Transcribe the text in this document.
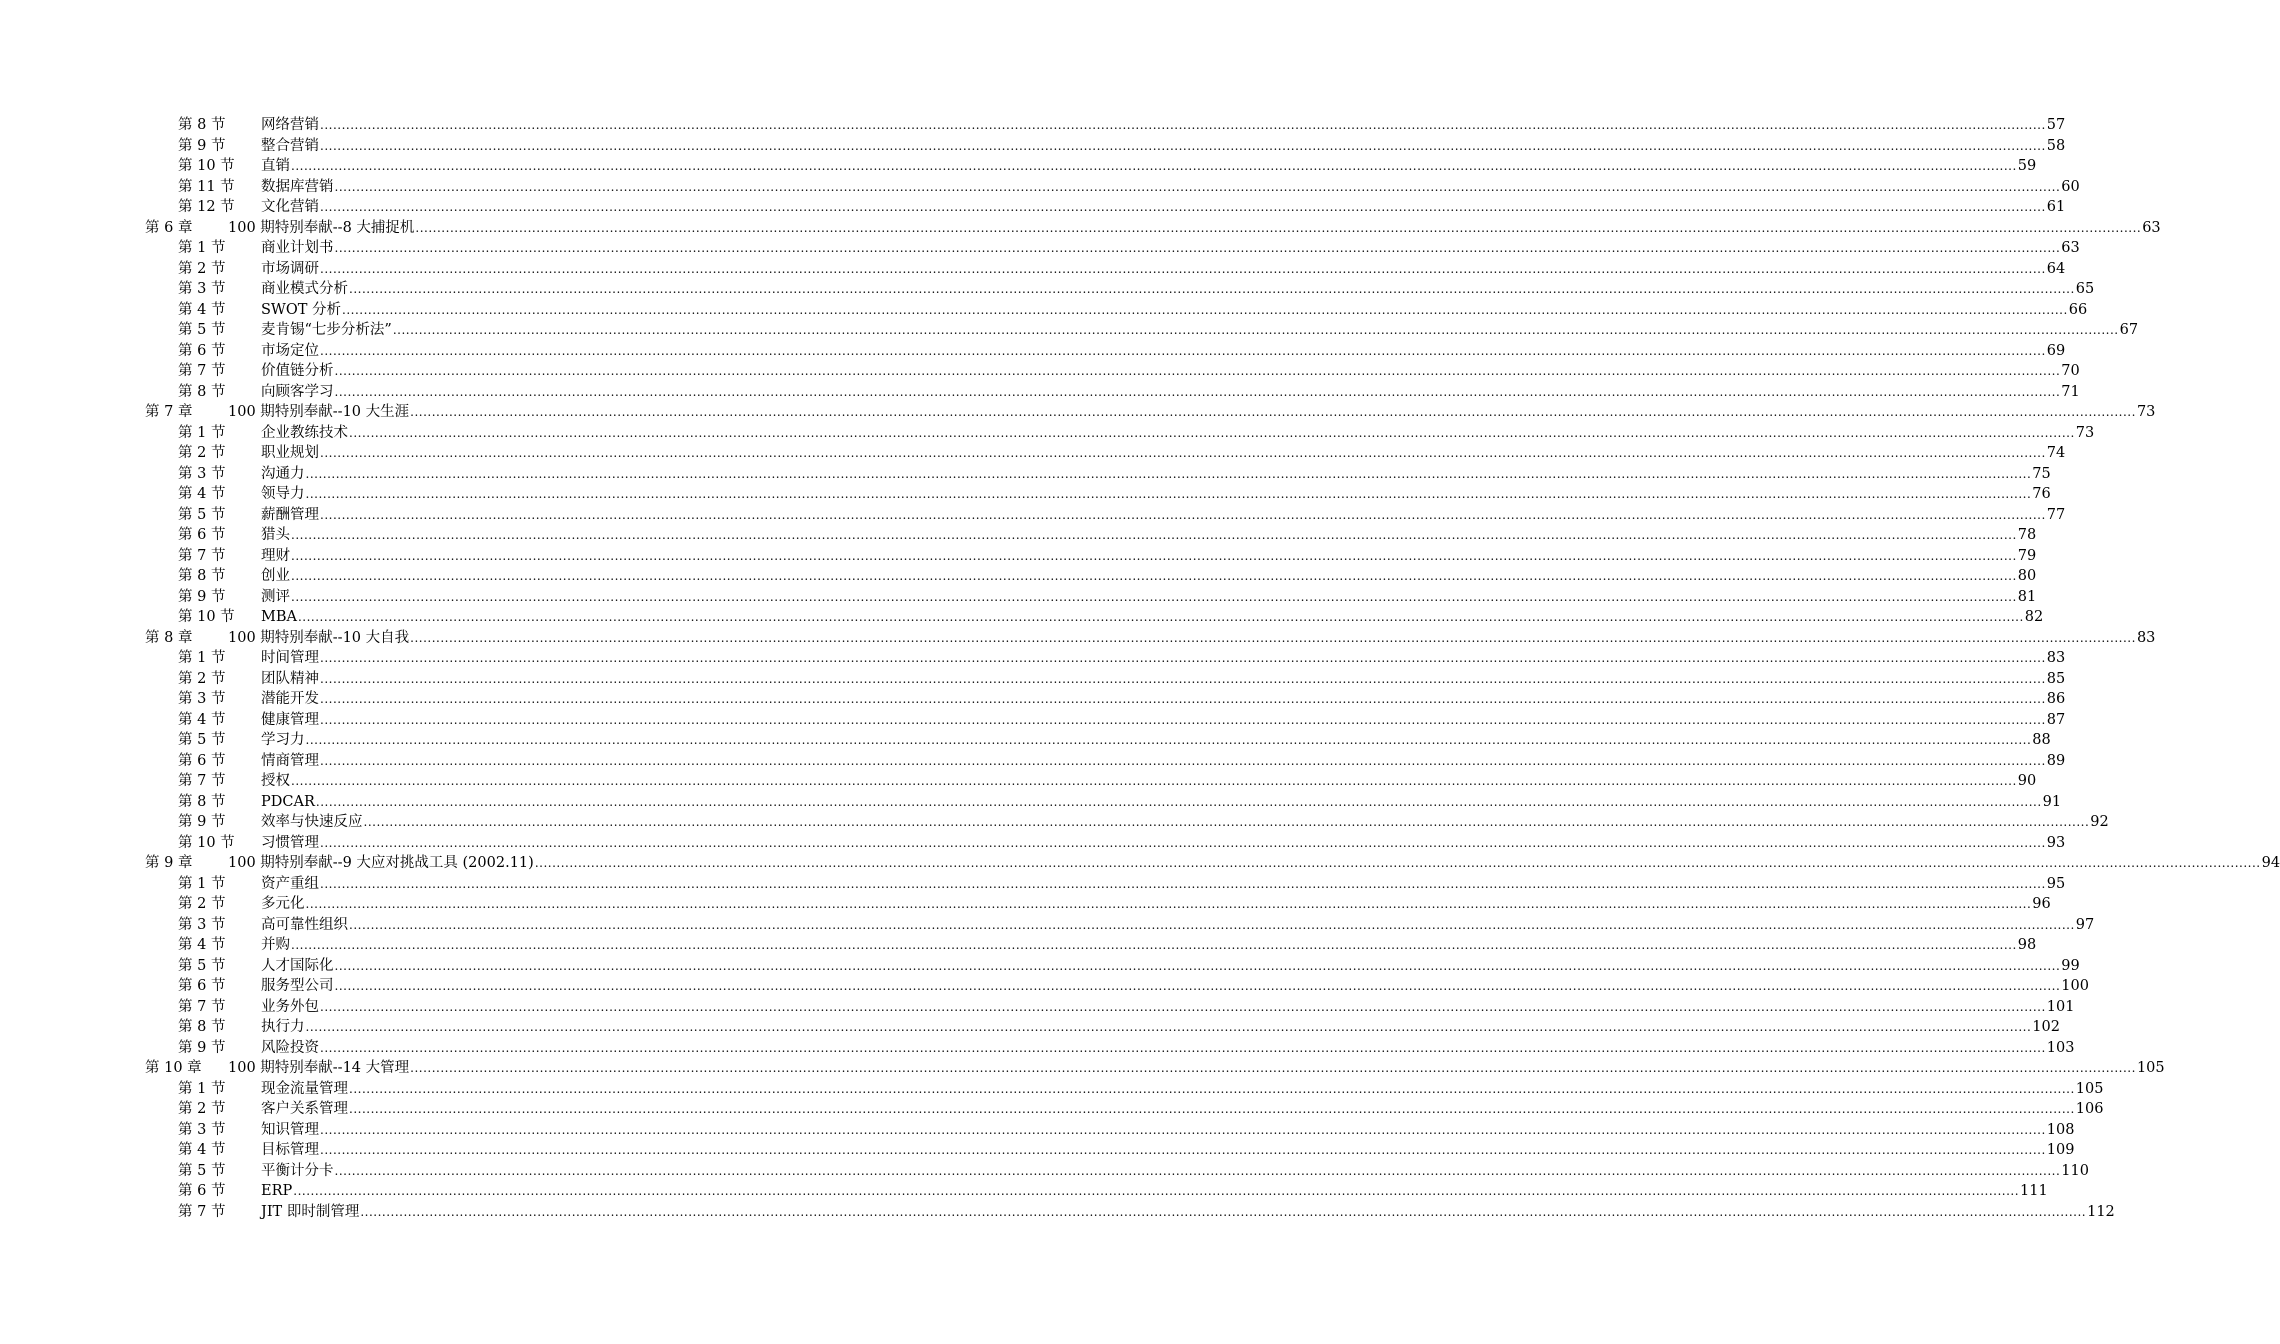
第 8 节 网络营销 ................................................................................................................................................................................................................................................................................................................................................................................................................ 57
第 9 节 整合营销 ................................................................................................................................................................................................................................................................................................................................................................................................................ 58
第 10 节 直销 ................................................................................................................................................................................................................................................................................................................................................................................................................ 59
第 11 节 数据库营销 ................................................................................................................................................................................................................................................................................................................................................................................................................ 60
第 12 节 文化营销 ................................................................................................................................................................................................................................................................................................................................................................................................................ 61
第 6 章 100 期特别奉献--8 大捕捉机 ................................................................................................................................................................................................................................................................................................................................................................................................................ 63
第 1 节 商业计划书 ................................................................................................................................................................................................................................................................................................................................................................................................................ 63
第 2 节 市场调研 ................................................................................................................................................................................................................................................................................................................................................................................................................ 64
第 3 节 商业模式分析 ................................................................................................................................................................................................................................................................................................................................................................................................................ 65
第 4 节 SWOT 分析 ................................................................................................................................................................................................................................................................................................................................................................................................................ 66
第 5 节 麦肯锡“七步分析法” ................................................................................................................................................................................................................................................................................................................................................................................................................ 67
第 6 节 市场定位 ................................................................................................................................................................................................................................................................................................................................................................................................................ 69
第 7 节 价值链分析 ................................................................................................................................................................................................................................................................................................................................................................................................................ 70
第 8 节 向顾客学习 ................................................................................................................................................................................................................................................................................................................................................................................................................ 71
第 7 章 100 期特别奉献--10 大生涯 ................................................................................................................................................................................................................................................................................................................................................................................................................ 73
第 1 节 企业教练技术 ................................................................................................................................................................................................................................................................................................................................................................................................................ 73
第 2 节 职业规划 ................................................................................................................................................................................................................................................................................................................................................................................................................ 74
第 3 节 沟通力 ................................................................................................................................................................................................................................................................................................................................................................................................................ 75
第 4 节 领导力 ................................................................................................................................................................................................................................................................................................................................................................................................................ 76
第 5 节 薪酬管理 ................................................................................................................................................................................................................................................................................................................................................................................................................ 77
第 6 节 猎头 ................................................................................................................................................................................................................................................................................................................................................................................................................ 78
第 7 节 理财 ................................................................................................................................................................................................................................................................................................................................................................................................................ 79
第 8 节 创业 ................................................................................................................................................................................................................................................................................................................................................................................................................ 80
第 9 节 测评 ................................................................................................................................................................................................................................................................................................................................................................................................................ 81
第 10 节 MBA ................................................................................................................................................................................................................................................................................................................................................................................................................ 82
第 8 章 100 期特别奉献--10 大自我 ................................................................................................................................................................................................................................................................................................................................................................................................................ 83
第 1 节 时间管理 ................................................................................................................................................................................................................................................................................................................................................................................................................ 83
第 2 节 团队精神 ................................................................................................................................................................................................................................................................................................................................................................................................................ 85
第 3 节 潜能开发 ................................................................................................................................................................................................................................................................................................................................................................................................................ 86
第 4 节 健康管理 ................................................................................................................................................................................................................................................................................................................................................................................................................ 87
第 5 节 学习力 ................................................................................................................................................................................................................................................................................................................................................................................................................ 88
第 6 节 情商管理 ................................................................................................................................................................................................................................................................................................................................................................................................................ 89
第 7 节 授权 ................................................................................................................................................................................................................................................................................................................................................................................................................ 90
第 8 节 PDCAR ................................................................................................................................................................................................................................................................................................................................................................................................................ 91
第 9 节 效率与快速反应 ................................................................................................................................................................................................................................................................................................................................................................................................................ 92
第 10 节 习惯管理 ................................................................................................................................................................................................................................................................................................................................................................................................................ 93
第 9 章 100 期特别奉献--9 大应对挑战工具 (2002.11) ................................................................................................................................................................................................................................................................................................................................................................................................................ 94
第 1 节 资产重组 ................................................................................................................................................................................................................................................................................................................................................................................................................ 95
第 2 节 多元化 ................................................................................................................................................................................................................................................................................................................................................................................................................ 96
第 3 节 高可靠性组织 ................................................................................................................................................................................................................................................................................................................................................................................................................ 97
第 4 节 并购 ................................................................................................................................................................................................................................................................................................................................................................................................................ 98
第 5 节 人才国际化 ................................................................................................................................................................................................................................................................................................................................................................................................................ 99
第 6 节 服务型公司 ................................................................................................................................................................................................................................................................................................................................................................................................................ 100
第 7 节 业务外包 ................................................................................................................................................................................................................................................................................................................................................................................................................ 101
第 8 节 执行力 ................................................................................................................................................................................................................................................................................................................................................................................................................ 102
第 9 节 风险投资 ................................................................................................................................................................................................................................................................................................................................................................................................................ 103
第 10 章 100 期特别奉献--14 大管理 ................................................................................................................................................................................................................................................................................................................................................................................................................ 105
第 1 节 现金流量管理 ................................................................................................................................................................................................................................................................................................................................................................................................................ 105
第 2 节 客户关系管理 ................................................................................................................................................................................................................................................................................................................................................................................................................ 106
第 3 节 知识管理 ................................................................................................................................................................................................................................................................................................................................................................................................................ 108
第 4 节 目标管理 ................................................................................................................................................................................................................................................................................................................................................................................................................ 109
第 5 节 平衡计分卡 ................................................................................................................................................................................................................................................................................................................................................................................................................ 110
第 6 节 ERP ................................................................................................................................................................................................................................................................................................................................................................................................................ 111
第 7 节 JIT 即时制管理 ................................................................................................................................................................................................................................................................................................................................................................................................................ 112
